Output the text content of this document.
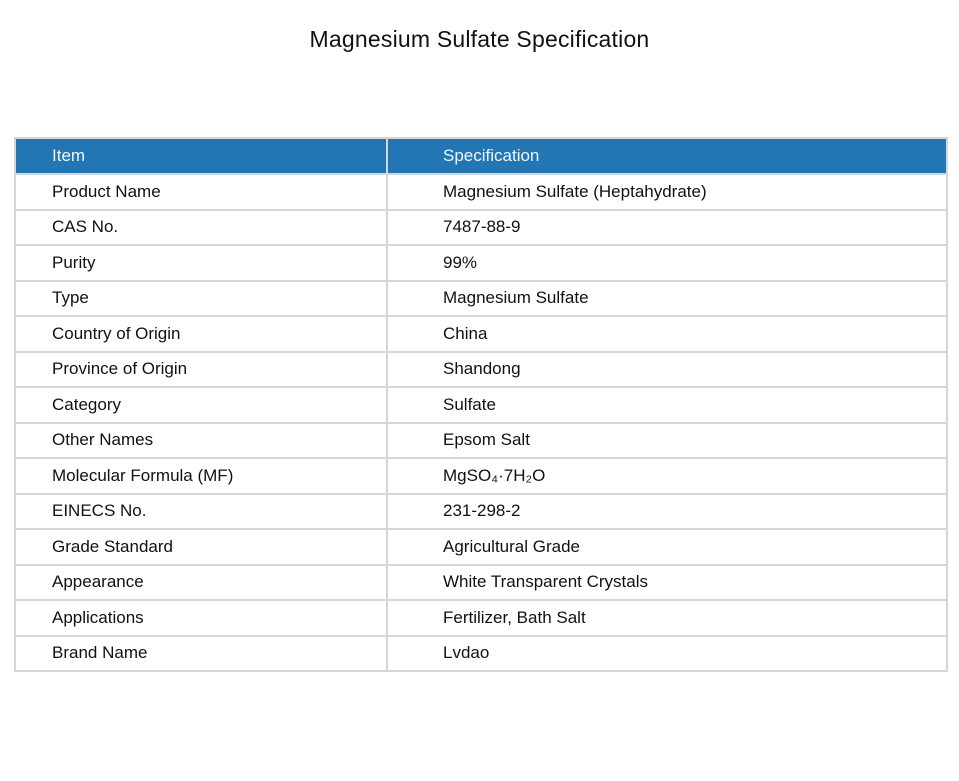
Magnesium Sulfate Specification
Item	Specification
Product Name	Magnesium Sulfate (Heptahydrate)
CAS No.	7487-88-9
Purity	99%
Type	Magnesium Sulfate
Country of Origin	China
Province of Origin	Shandong
Category	Sulfate
Other Names	Epsom Salt
Molecular Formula (MF)	MgSO₄·7H₂O
EINECS No.	231-298-2
Grade Standard	Agricultural Grade
Appearance	White Transparent Crystals
Applications	Fertilizer, Bath Salt
Brand Name	Lvdao
